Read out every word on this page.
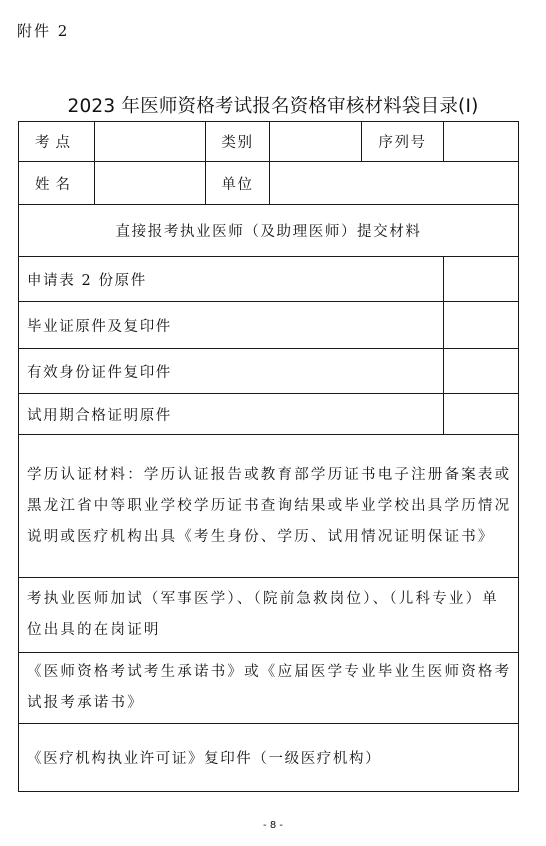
附件 2
2023 年医师资格考试报名资格审核材料袋目录(I)
考点		类别		序列号	
姓名		单位			
直接报考执业医师（及助理医师）提交材料					
申请表 2 份原件					
毕业证原件及复印件					
有效身份证件复印件					
试用期合格证明原件					
学历认证材料：学历认证报告或教育部学历证书电子注册备案表或黑龙江省中等职业学校学历证书查询结果或毕业学校出具学历情况说明或医疗机构出具《考生身份、学历、试用情况证明保证书》					
考执业医师加试（军事医学）、（院前急救岗位）、（儿科专业）单位出具的在岗证明					
《医师资格考试考生承诺书》或《应届医学专业毕业生医师资格考试报考承诺书》					
《医疗机构执业许可证》复印件（一级医疗机构）					
- 8 -
